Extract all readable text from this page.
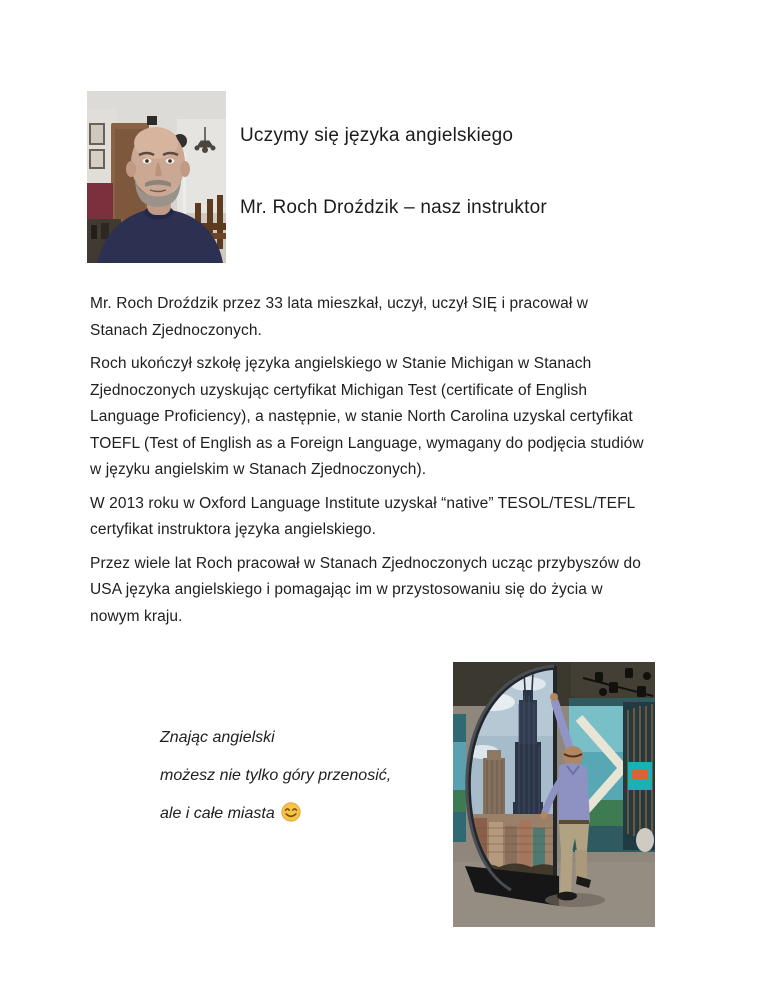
Uczymy się języka angielskiego
Mr. Roch Droździk – nasz instruktor

Mr. Roch Droździk przez 33 lata mieszkał, uczył, uczył SIĘ i pracował w
Stanach Zjednoczonych.

Roch ukończył szkołę języka angielskiego w Stanie Michigan w Stanach
Zjednoczonych uzyskując certyfikat Michigan Test (certificate of English
Language Proficiency), a następnie, w stanie North Carolina uzyskal certyfikat
TOEFL (Test of English as a Foreign Language, wymagany do podjęcia studiów
w języku angielskim w Stanach Zjednoczonych).

W 2013 roku w Oxford Language Institute uzyskał “native” TESOL/TESL/TEFL
certyfikat instruktora języka angielskiego.

Przez wiele lat Roch pracował w Stanach Zjednoczonych ucząc przybyszów do
USA języka angielskiego i pomagając im w przystosowaniu się do życia w
nowym kraju.

Znając angielski
możesz nie tylko góry przenosić,
ale i całe miasta
